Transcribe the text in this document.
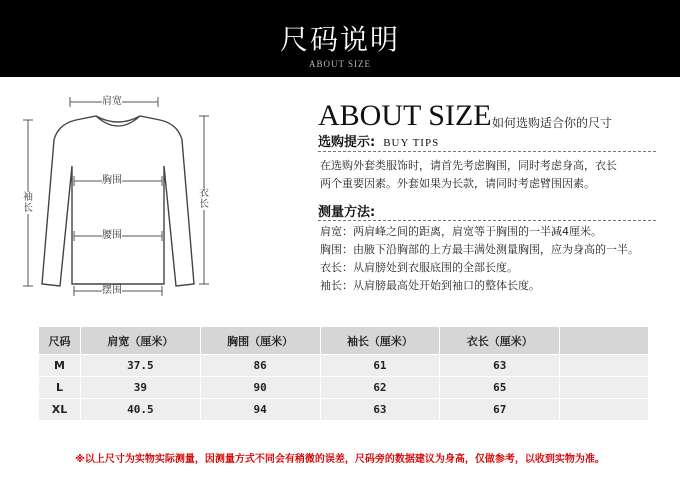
尺码说明
ABOUT SIZE
肩宽
胸围
腰围
摆围
袖长
衣长
ABOUT SIZE 如何选购适合你的尺寸
选购提示: BUY TIPS
在选购外套类服饰时，请首先考虑胸围，同时考虑身高，衣长
两个重要因素。外套如果为长款，请同时考虑臂围因素。
测量方法:
肩宽：两肩峰之间的距离，肩宽等于胸围的一半减4厘米。
胸围：由腋下沿胸部的上方最丰满处测量胸围，应为身高的一半。
衣长：从肩膀处到衣服底围的全部长度。
袖长：从肩膀最高处开始到袖口的整体长度。
尺码	肩宽（厘米）	胸围（厘米）	袖长（厘米）	衣长（厘米）	
M	37.5	86	61	63	
L	39	90	62	65	
XL	40.5	94	63	67	
※以上尺寸为实物实际测量，因测量方式不同会有稍微的误差，尺码旁的数据建议为身高，仅做参考，以收到实物为准。
